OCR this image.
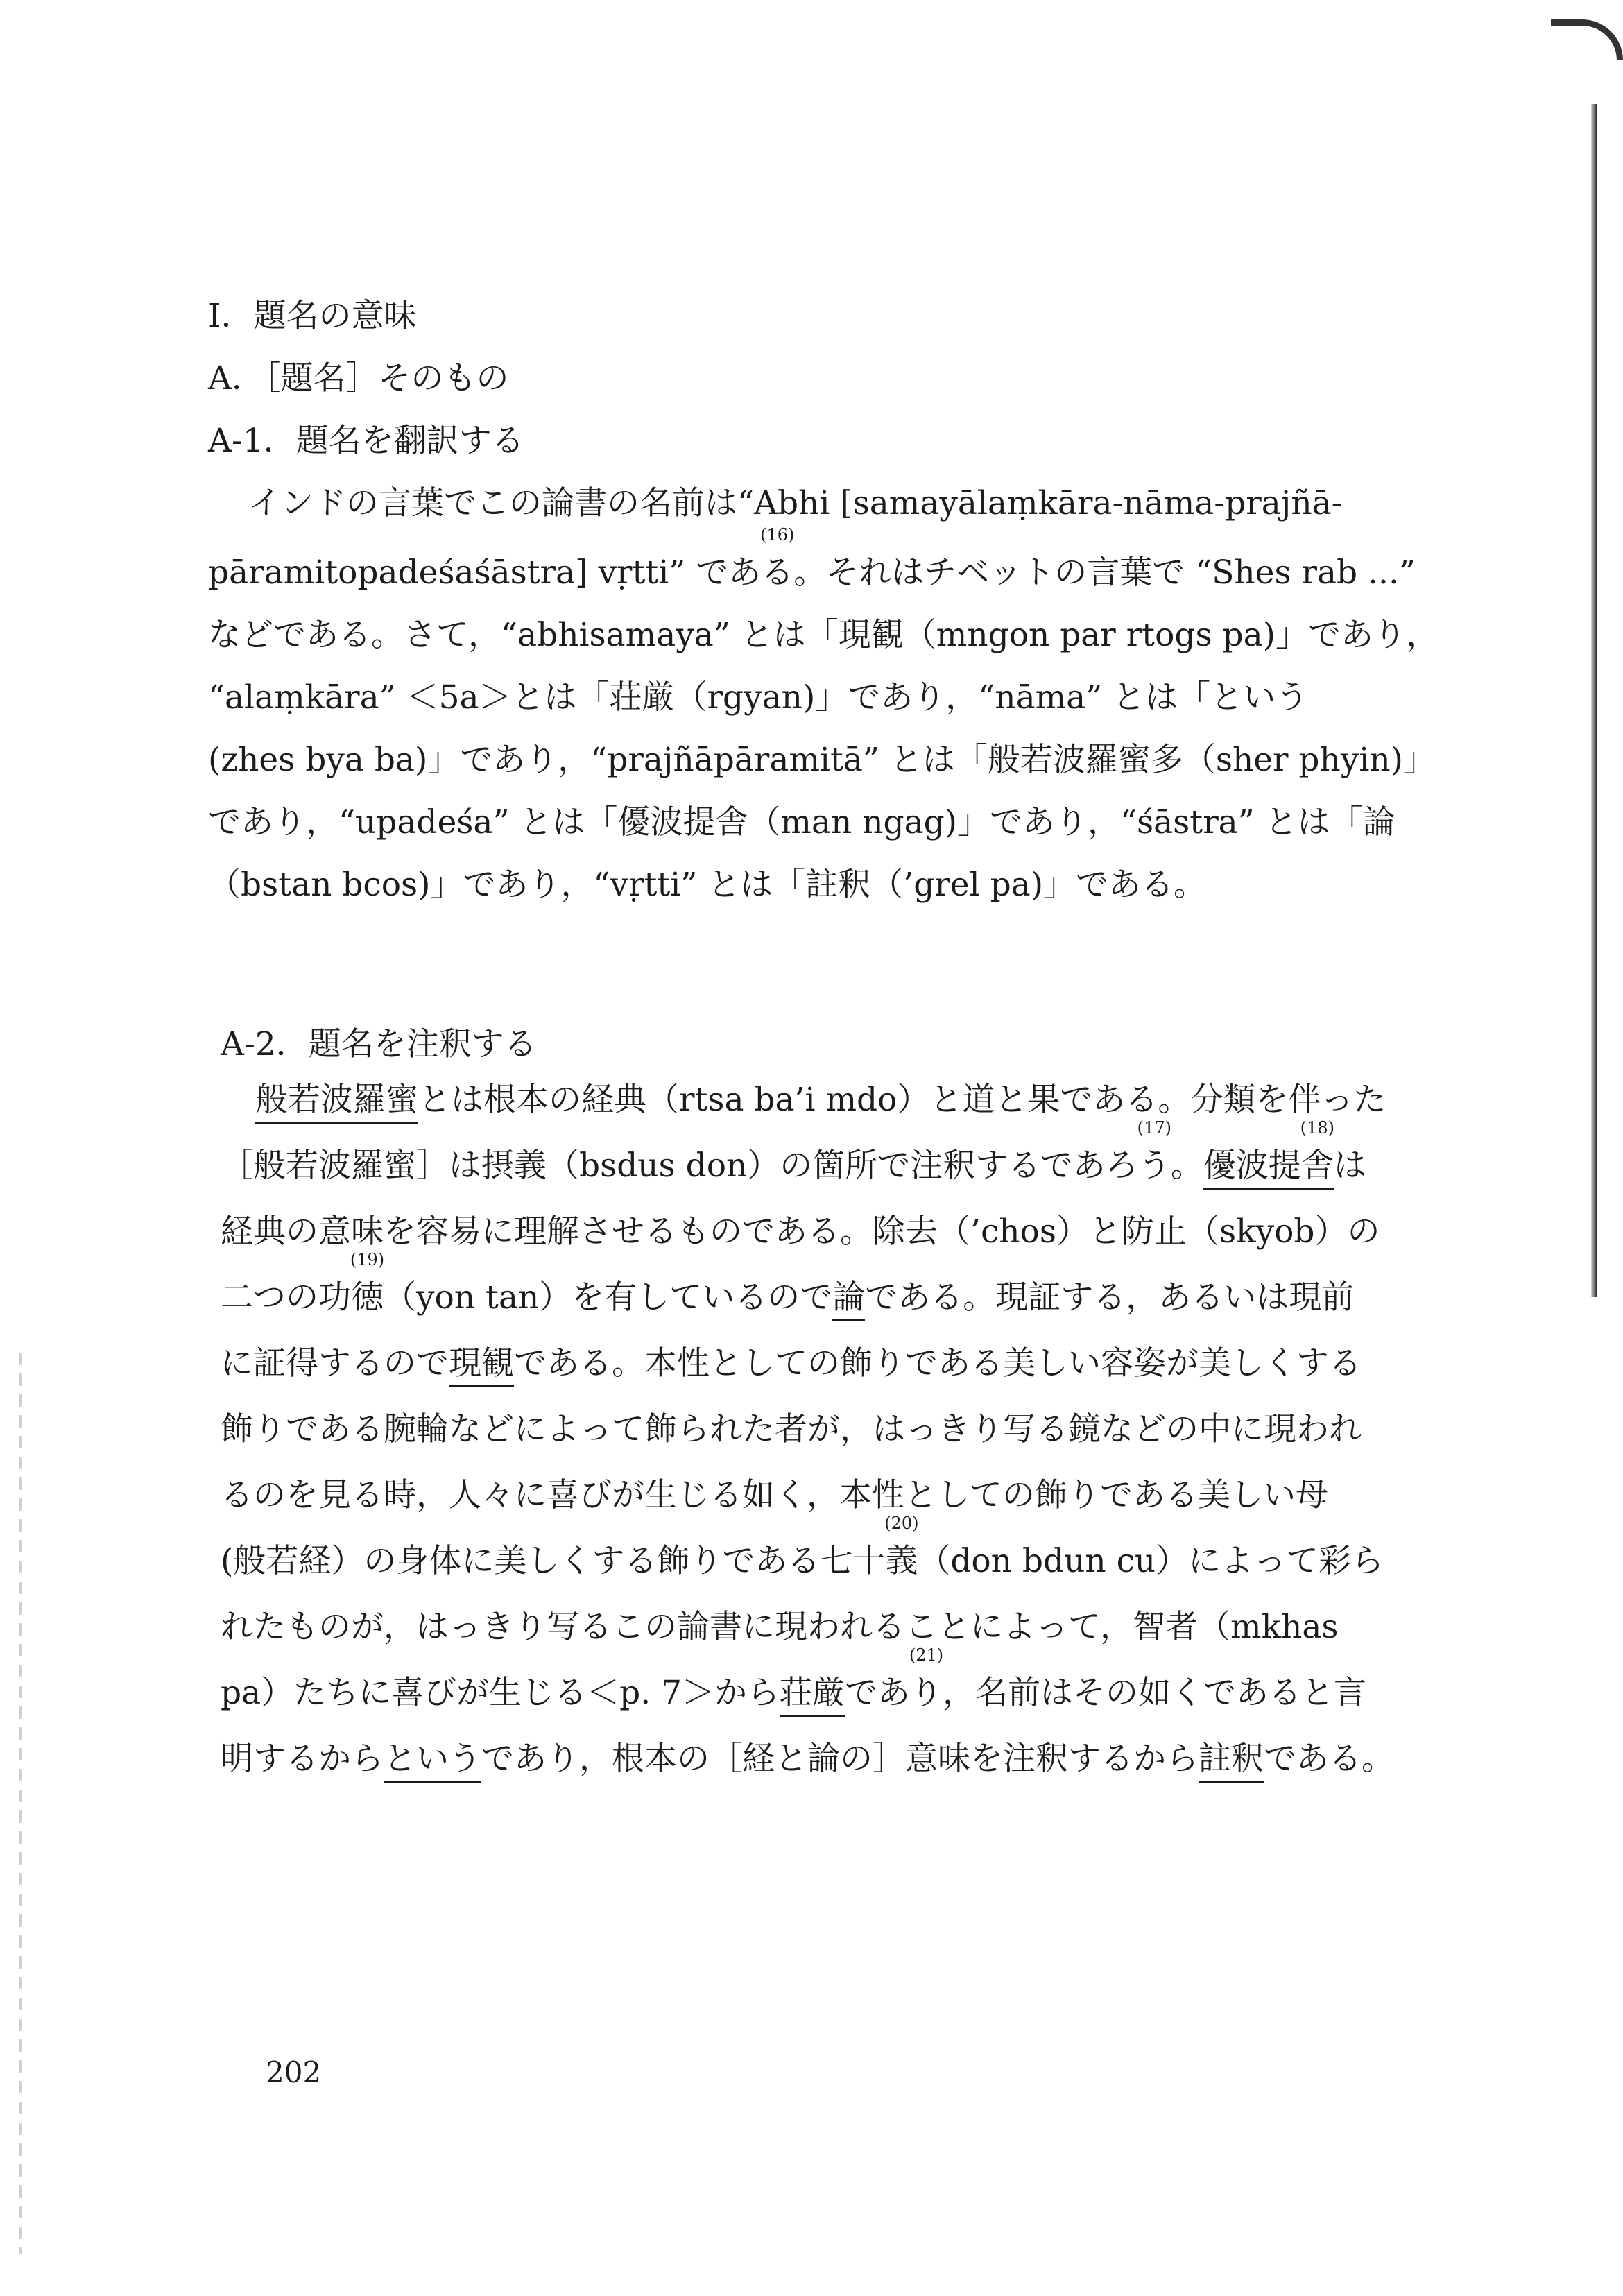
I．題名の意味
A．［題名］そのもの
A-1．題名を翻訳する
インドの言葉でこの論書の名前は“Abhi [samayālaṃkāra-nāma-prajñā-
pāramitopadeśaśāstra] vṛtti” である
(16)
。それはチベットの言葉で “Shes rab ...”
などである。さて，“abhisamaya” とは「現観（mngon par rtogs pa)」であり，
“alaṃkāra” ＜5a＞とは「荘厳（rgyan)」であり，“nāma” とは「という
(zhes bya ba)」であり，“prajñāpāramitā” とは「般若波羅蜜多（sher phyin)」
であり，“upadeśa” とは「優波提舎（man ngag)」であり，“śāstra” とは「論
（bstan bcos)」であり，“vṛtti” とは「註釈（’grel pa)」である。
A-2．題名を注釈する
般若波羅蜜とは根本の経典（rtsa ba’i mdo）と道と果である。分類を伴った
［般若波羅蜜］は摂義（bsdus don）の箇所で注釈するであろう
(17)
。優波提舎
(18)
は
経典の意味を容易に理解させるものである。除去（’chos）と防止（skyob）の
二つの功徳
(19)
（yon tan）を有しているので論である。現証する，あるいは現前
に証得するので現観である。本性としての飾りである美しい容姿が美しくする
飾りである腕輪などによって飾られた者が，はっきり写る鏡などの中に現われ
るのを見る時，人々に喜びが生じる如く，本性としての飾りである美しい母
(般若経）の身体に美しくする飾りである七十義
(20)
（don bdun cu）によって彩ら
れたものが，はっきり写るこの論書に現われることによって，智者（mkhas
pa）たちに喜びが生じる＜p. 7＞から荘厳であり
(21)
，名前はその如くであると言
明するからというであり，根本の［経と論の］意味を注釈するから註釈である。
202
